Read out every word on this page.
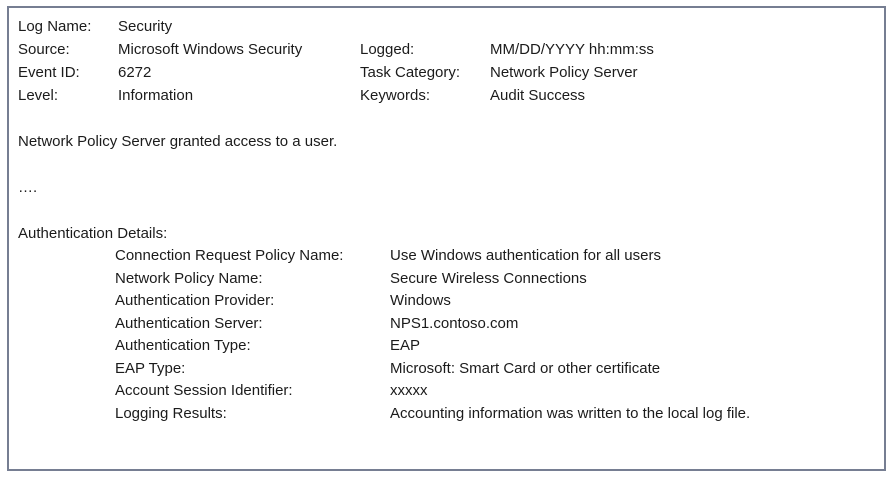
Log Name:	Security
Source:	Microsoft Windows Security	Logged:	MM/DD/YYYY hh:mm:ss
Event ID:	6272	Task Category:	Network Policy Server
Level:	Information	Keywords:	Audit Success
Network Policy Server granted access to a user.
….
Authentication Details:
Connection Request Policy Name:	Use Windows authentication for all users
Network Policy Name:	Secure Wireless Connections
Authentication Provider:	Windows
Authentication Server:	NPS1.contoso.com
Authentication Type:	EAP
EAP Type:	Microsoft: Smart Card or other certificate
Account Session Identifier:	xxxxx
Logging Results:	Accounting information was written to the local log file.
